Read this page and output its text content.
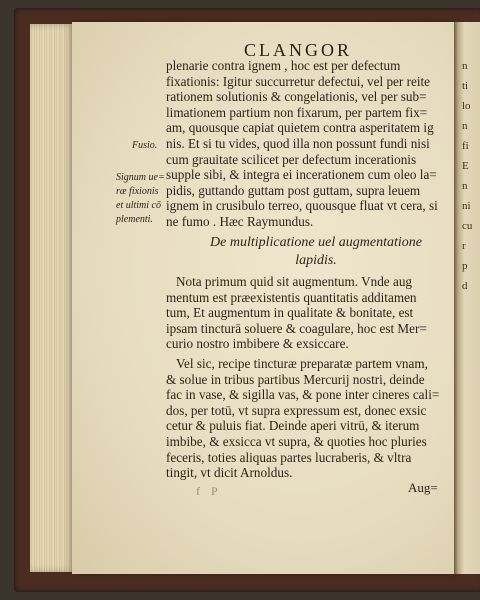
n
ti
lo
n
fi
E
n
ni
cu
r
p
d
CLANGOR
plenarie contra ignem , hoc est per defectum
fixationis: Igitur succurretur defectui, vel per reite
rationem solutionis & congelationis, vel per sub=
limationem partium non fixarum, per partem fix=
am, quousque capiat quietem contra asperitatem ig
nis. Et si tu vides, quod illa non possunt fundi nisi
cum grauitate scilicet per defectum incerationis
supple sibi, & integra ei incerationem cum oleo la=
pidis, guttando guttam post guttam, supra leuem
ignem in crusibulo terreo, quousque fluat vt cera, si
ne fumo . Hæc Raymundus.
Fusio.
Signum ue=
ræ fixionis
et ultimi cō
plementi.
De multiplicatione uel augmentatione
lapidis.
Nota primum quid sit augmentum. Vnde aug
mentum est præexistentis quantitatis additamen
tum, Et augmentum in qualitate & bonitate, est
ipsam tincturā soluere & coagulare, hoc est Mer=
curio nostro imbibere & exsiccare.
Vel sic, recipe tincturæ preparatæ partem vnam,
& solue in tribus partibus Mercurij nostri, deinde
fac in vase, & sigilla vas, & pone inter cineres cali=
dos, per totū, vt supra expressum est, donec exsic
cetur & puluis fiat. Deinde aperi vitrū, & iterum
imbibe, & exsicca vt supra, & quoties hoc pluries
feceris, toties aliquas partes lucraberis, & vltra
tingit, vt dicit Arnoldus.
f P	Aug=
